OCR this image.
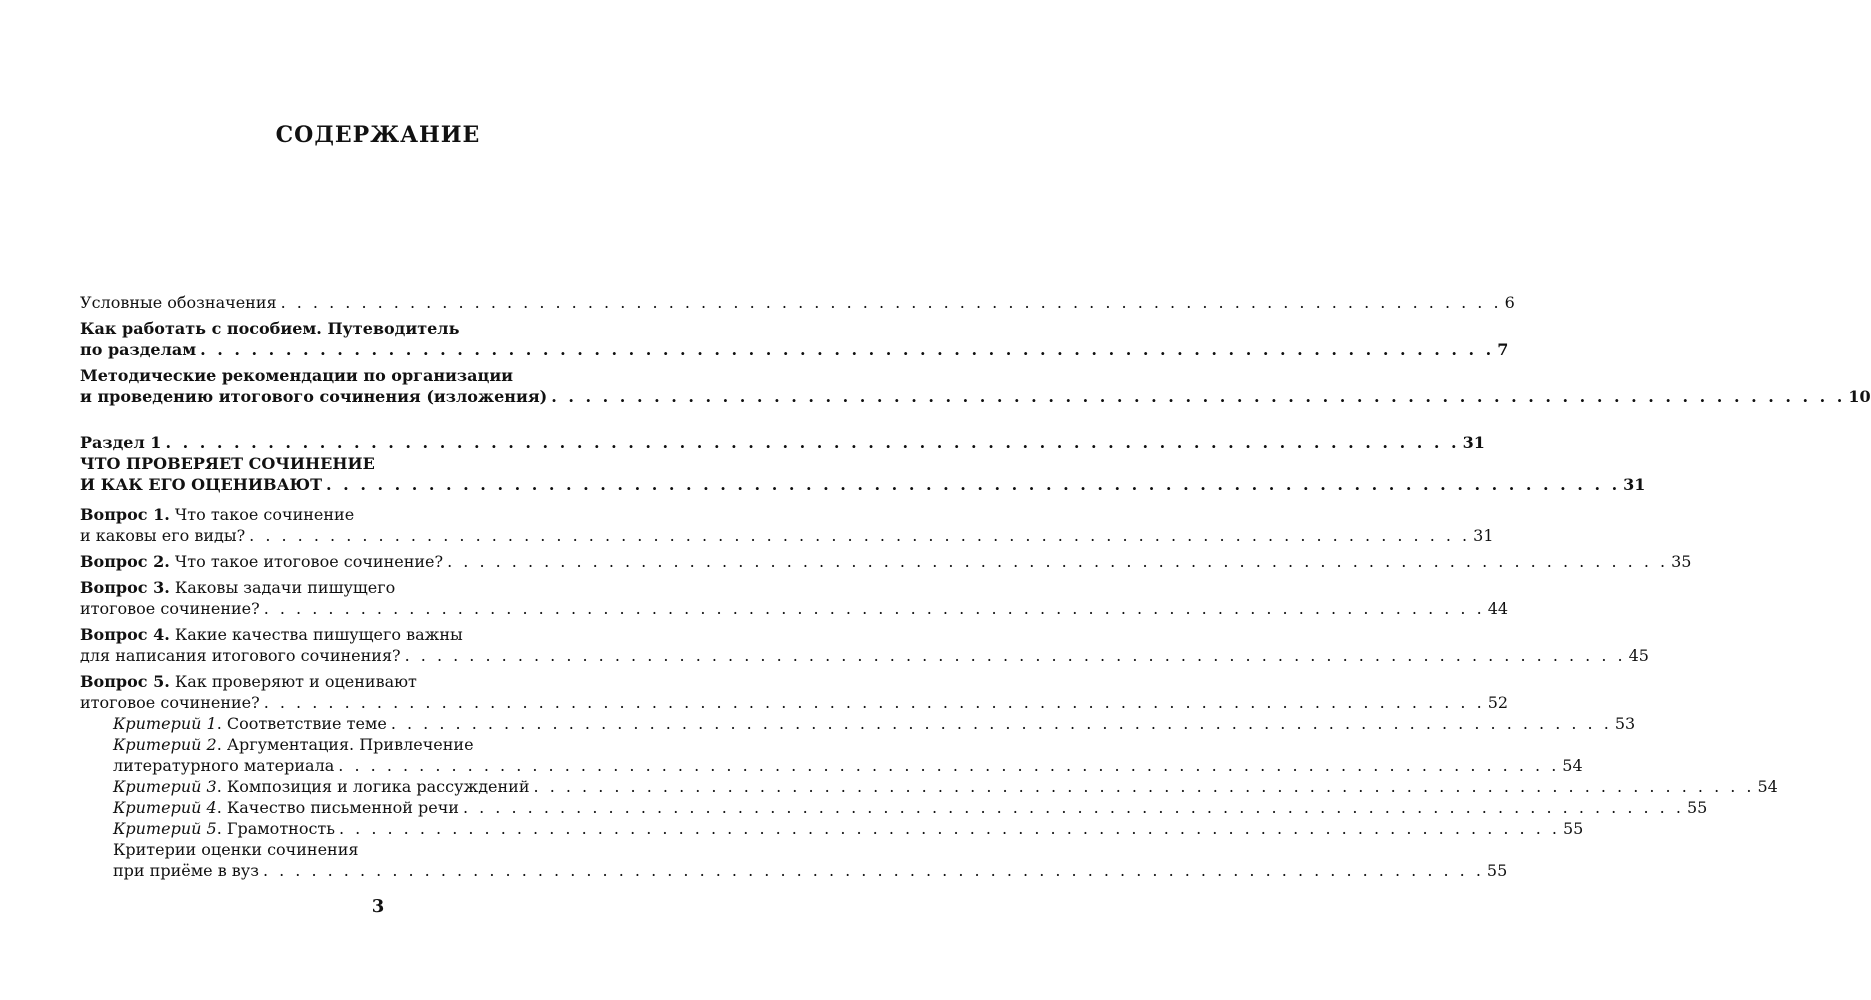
СОДЕРЖАНИЕ
Условные обозначения . . . . . . . . . . . . . . . . . . . . . . . . . . . . . . . . . . . . . . . . . . . . . . . . . . . . . . . . . . . . . . . . . . . . . . . . . . . . 6
Как работать с пособием. Путеводитель
по разделам . . . . . . . . . . . . . . . . . . . . . . . . . . . . . . . . . . . . . . . . . . . . . . . . . . . . . . . . . . . . . . . . . . . . . . . . . . . . 7
Методические рекомендации по организации
и проведению итогового сочинения (изложения) . . . . . . . . . . . . . . . . . . . . . . . . . . . . . . . . . . . . . . . . . . . . . . . . . . . . . . . . . . . . . . . . . . . . . . . . . . . . 10
Раздел 1 . . . . . . . . . . . . . . . . . . . . . . . . . . . . . . . . . . . . . . . . . . . . . . . . . . . . . . . . . . . . . . . . . . . . . . . . . . . . 31
ЧТО ПРОВЕРЯЕТ СОЧИНЕНИЕ
И КАК ЕГО ОЦЕНИВАЮТ . . . . . . . . . . . . . . . . . . . . . . . . . . . . . . . . . . . . . . . . . . . . . . . . . . . . . . . . . . . . . . . . . . . . . . . . . . . . 31
Вопрос 1. Что такое сочинение
и каковы его виды? . . . . . . . . . . . . . . . . . . . . . . . . . . . . . . . . . . . . . . . . . . . . . . . . . . . . . . . . . . . . . . . . . . . . . . . . . . . . 31
Вопрос 2. Что такое итоговое сочинение? . . . . . . . . . . . . . . . . . . . . . . . . . . . . . . . . . . . . . . . . . . . . . . . . . . . . . . . . . . . . . . . . . . . . . . . . . . . . 35
Вопрос 3. Каковы задачи пишущего
итоговое сочинение? . . . . . . . . . . . . . . . . . . . . . . . . . . . . . . . . . . . . . . . . . . . . . . . . . . . . . . . . . . . . . . . . . . . . . . . . . . . . 44
Вопрос 4. Какие качества пишущего важны
для написания итогового сочинения? . . . . . . . . . . . . . . . . . . . . . . . . . . . . . . . . . . . . . . . . . . . . . . . . . . . . . . . . . . . . . . . . . . . . . . . . . . . . 45
Вопрос 5. Как проверяют и оценивают
итоговое сочинение? . . . . . . . . . . . . . . . . . . . . . . . . . . . . . . . . . . . . . . . . . . . . . . . . . . . . . . . . . . . . . . . . . . . . . . . . . . . . 52
Критерий 1. Соответствие теме . . . . . . . . . . . . . . . . . . . . . . . . . . . . . . . . . . . . . . . . . . . . . . . . . . . . . . . . . . . . . . . . . . . . . . . . . . . . 53
Критерий 2. Аргументация. Привлечение
литературного материала . . . . . . . . . . . . . . . . . . . . . . . . . . . . . . . . . . . . . . . . . . . . . . . . . . . . . . . . . . . . . . . . . . . . . . . . . . . . 54
Критерий 3. Композиция и логика рассуждений . . . . . . . . . . . . . . . . . . . . . . . . . . . . . . . . . . . . . . . . . . . . . . . . . . . . . . . . . . . . . . . . . . . . . . . . . . . . 54
Критерий 4. Качество письменной речи . . . . . . . . . . . . . . . . . . . . . . . . . . . . . . . . . . . . . . . . . . . . . . . . . . . . . . . . . . . . . . . . . . . . . . . . . . . . 55
Критерий 5. Грамотность . . . . . . . . . . . . . . . . . . . . . . . . . . . . . . . . . . . . . . . . . . . . . . . . . . . . . . . . . . . . . . . . . . . . . . . . . . . . 55
Критерии оценки сочинения
при приёме в вуз . . . . . . . . . . . . . . . . . . . . . . . . . . . . . . . . . . . . . . . . . . . . . . . . . . . . . . . . . . . . . . . . . . . . . . . . . . . . 55
3
